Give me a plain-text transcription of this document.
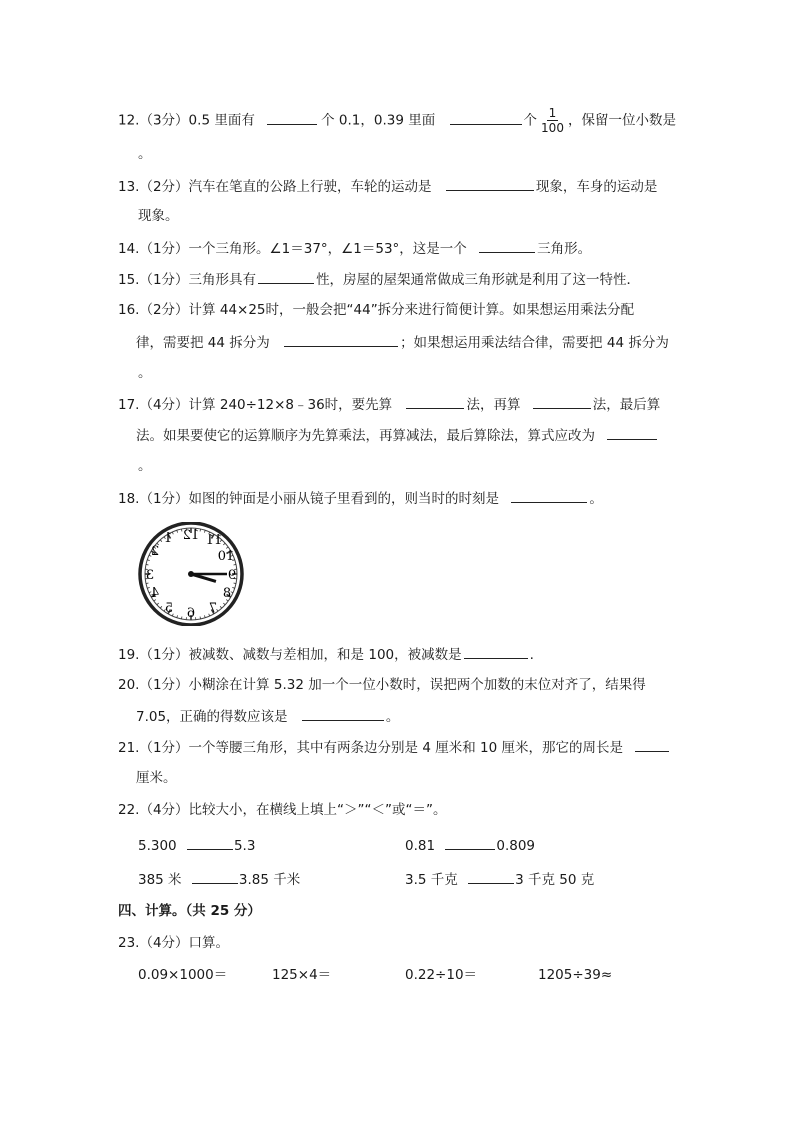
12.（3分）0.5 里面有	个 0.1，0.39 里面	个 $\frac{1}{100}$ ，保留一位小数是
。
13.（2分）汽车在笔直的公路上行驶，车轮的运动是	现象，车身的运动是
现象。
14.（1分）一个三角形。∠1＝37°，∠1＝53°，这是一个	三角形。
15.（1分）三角形具有	性，房屋的屋架通常做成三角形就是利用了这一特性．
16.（2分）计算 44×25时，一般会把“44”拆分来进行简便计算。如果想运用乘法分配
律，需要把 44 拆分为	；如果想运用乘法结合律，需要把 44 拆分为
。
17.（4分）计算 240÷12×8﹣36时，要先算	法，再算	法，最后算
法。如果要使它的运算顺序为先算乘法，再算减法，最后算除法，算式应改为
。
18.（1分）如图的钟面是小丽从镜子里看到的，则当时的时刻是	。
1
2
3
4
5 6 7
8
9
10
11
12
19.（1分）被减数、减数与差相加，和是 100，被减数是	.
20.（1分）小糊涂在计算 5.32 加一个一位小数时，误把两个加数的末位对齐了，结果得
7.05，正确的得数应该是	。
21.（1分）一个等腰三角形，其中有两条边分别是 4 厘米和 10 厘米，那它的周长是
厘米。
22.（4分）比较大小，在横线上填上“＞”“＜”或“＝”。
5.300	5.3	0.81	0.809
385 米	3.85 千米	3.5 千克	3 千克 50 克
四、计算。（共 25 分）
23.（4分）口算。
0.09×1000＝	125×4＝	0.22÷10＝	1205÷39≈
